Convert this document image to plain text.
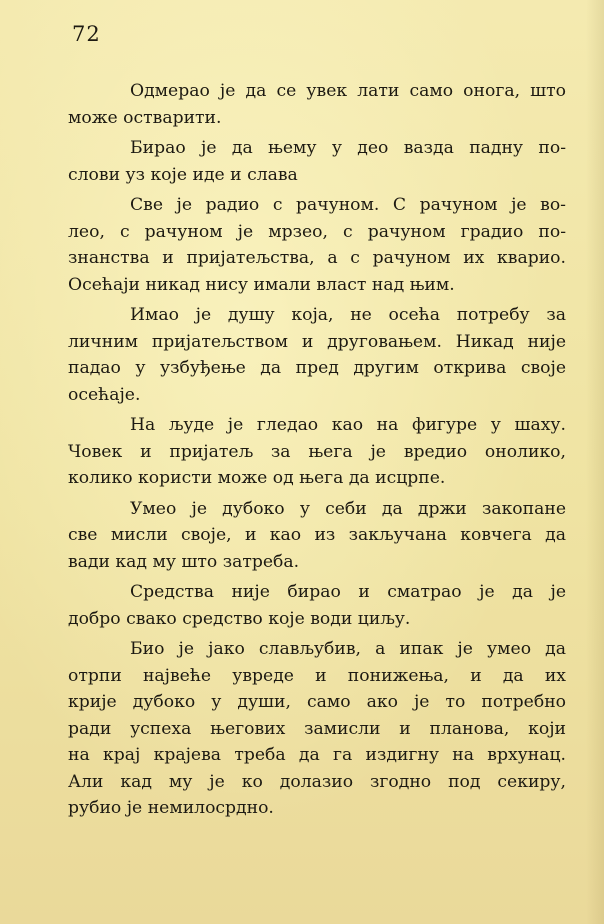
72
Одмерао је да се увек лати само онога, што
може остварити.
Бирао је да њему у део вазда падну по-
слови уз које иде и слава
Све је радио с рачуном. С рачуном је во-
лео, с рачуном је мрзео, с рачуном градио по-
знанства и пријатељства, а с рачуном их кварио.
Осећаји никад нису имали власт над њим.
Имао је душу која, не осећа потребу за
личним пријатељством и друговањем. Никад није
падао у узбуђење да пред другим открива своје
осећаје.
На људе је гледао као на фигуре у шаху.
Човек и пријатељ за њега је вредио онолико,
колико користи може од њега да исцрпе.
Умео је дубоко у себи да држи закопане
све мисли своје, и као из закључана ковчега да
вади кад му што затреба.
Средства није бирао и сматрао је да је
добро свако средство које води циљу.
Био је јако слављубив, а ипак је умео да
отрпи највеће увреде и понижења, и да их
крије дубоко у души, само ако је то потребно
ради успеха његових замисли и планова, који
на крај крајева треба да га издигну на врхунац.
Али кад му је ко долазио згодно под секиру,
рубио је немилосрдно.
